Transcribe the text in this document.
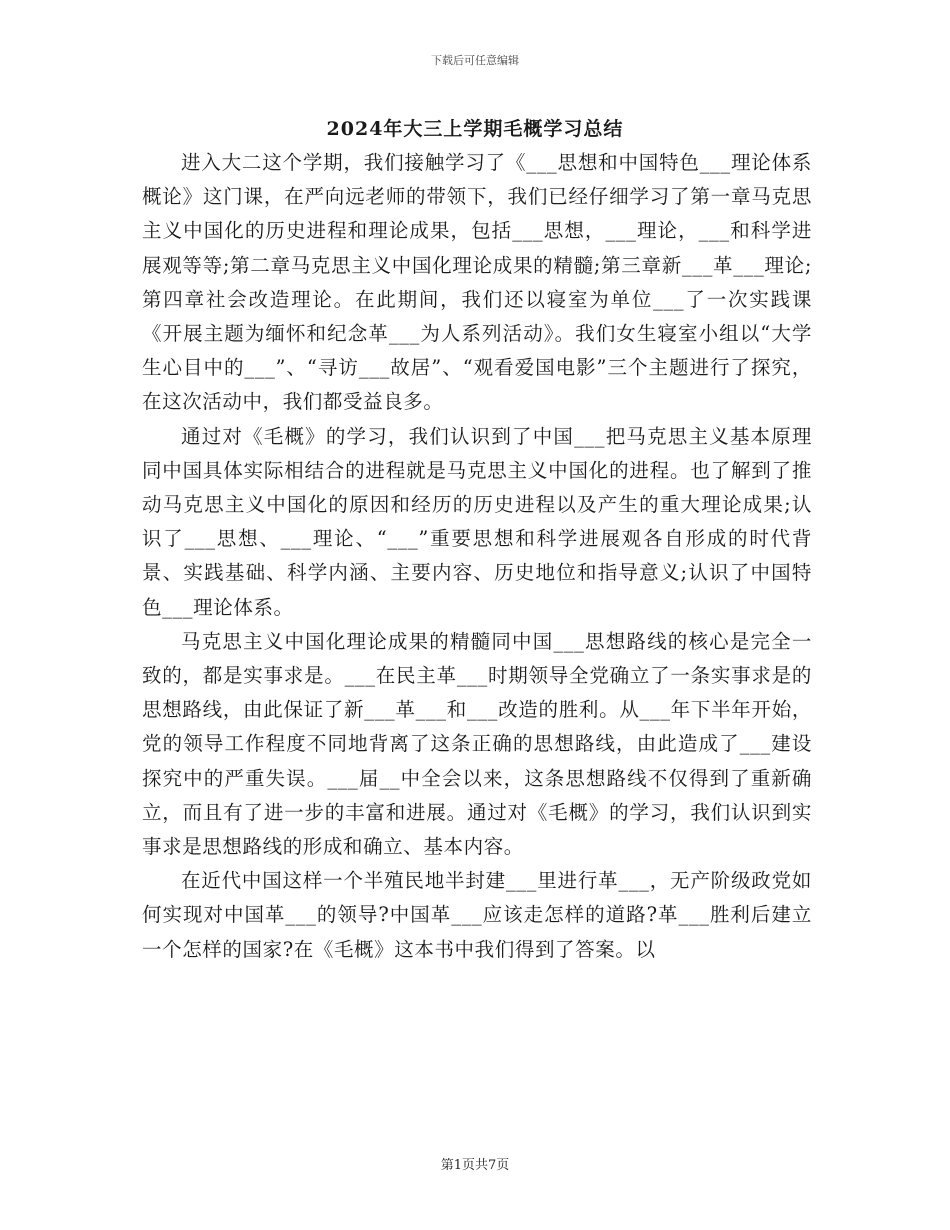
下载后可任意编辑
2024年大三上学期毛概学习总结

进入大二这个学期，我们接触学习了《___思想和中国特色___理论体系概论》这门课，在严向远老师的带领下，我们已经仔细学习了第一章马克思主义中国化的历史进程和理论成果，包括___思想，___理论，___和科学进展观等等;第二章马克思主义中国化理论成果的精髓;第三章新___革___理论;第四章社会改造理论。在此期间，我们还以寝室为单位___了一次实践课《开展主题为缅怀和纪念革___为人系列活动》。我们女生寝室小组以“大学生心目中的___”、“寻访___故居”、“观看爱国电影”三个主题进行了探究，在这次活动中，我们都受益良多。

通过对《毛概》的学习，我们认识到了中国___把马克思主义基本原理同中国具体实际相结合的进程就是马克思主义中国化的进程。也了解到了推动马克思主义中国化的原因和经历的历史进程以及产生的重大理论成果;认识了___思想、___理论、“___”重要思想和科学进展观各自形成的时代背景、实践基础、科学内涵、主要内容、历史地位和指导意义;认识了中国特色___理论体系。

马克思主义中国化理论成果的精髓同中国___思想路线的核心是完全一致的，都是实事求是。___在民主革___时期领导全党确立了一条实事求是的思想路线，由此保证了新___革___和___改造的胜利。从___年下半年开始，党的领导工作程度不同地背离了这条正确的思想路线，由此造成了___建设探究中的严重失误。___届__中全会以来，这条思想路线不仅得到了重新确立，而且有了进一步的丰富和进展。通过对《毛概》的学习，我们认识到实事求是思想路线的形成和确立、基本内容。

在近代中国这样一个半殖民地半封建___里进行革___，无产阶级政党如何实现对中国革___的领导?中国革___应该走怎样的道路?革___胜利后建立一个怎样的国家?在《毛概》这本书中我们得到了答案。以

第1页共7页
